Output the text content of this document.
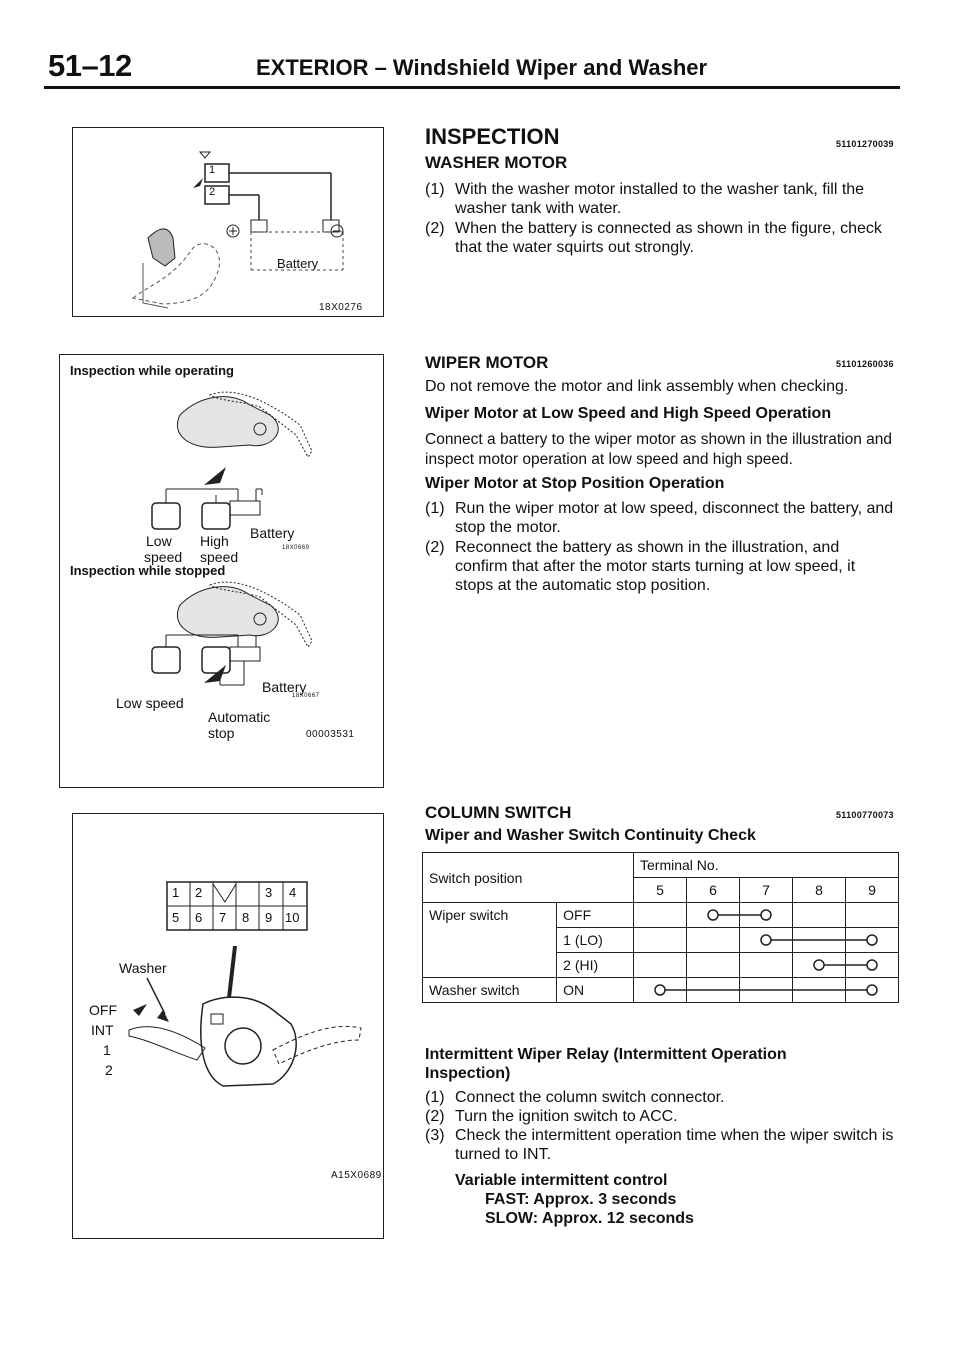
51–12	EXTERIOR – Windshield Wiper and Washer
1
2
Battery
18X0276
Inspection while operating
Low High Battery
speed speed
18X0669
Inspection while stopped
Battery
18X0667
Low speed
Automatic
stop	00003531
1 2	3 4
5 6 7 8 9 10
Washer
OFF
INT
1
2
A15X0689
INSPECTION	51101270039
WASHER MOTOR
(1) With the washer motor installed to the washer tank, fill the washer tank with water.
(2) When the battery is connected as shown in the figure, check that the water squirts out strongly.
WIPER MOTOR	51101260036
Do not remove the motor and link assembly when checking.
Wiper Motor at Low Speed and High Speed Operation
Connect a battery to the wiper motor as shown in the illustration and inspect motor operation at low speed and high speed.
Wiper Motor at Stop Position Operation
(1) Run the wiper motor at low speed, disconnect the battery, and stop the motor.
(2) Reconnect the battery as shown in the illustration, and confirm that after the motor starts turning at low speed, it stops at the automatic stop position.
COLUMN SWITCH	51100770073
Wiper and Washer Switch Continuity Check
Switch position		Terminal No.				
		5	6	7	8	9
Wiper switch	OFF					
	1 (LO)					
	2 (HI)					
Washer switch	ON					
Intermittent Wiper Relay (Intermittent Operation
Inspection)
(1) Connect the column switch connector.
(2) Turn the ignition switch to ACC.
(3) Check the intermittent operation time when the wiper switch is turned to INT.
Variable intermittent control
FAST: Approx. 3 seconds
SLOW: Approx. 12 seconds
